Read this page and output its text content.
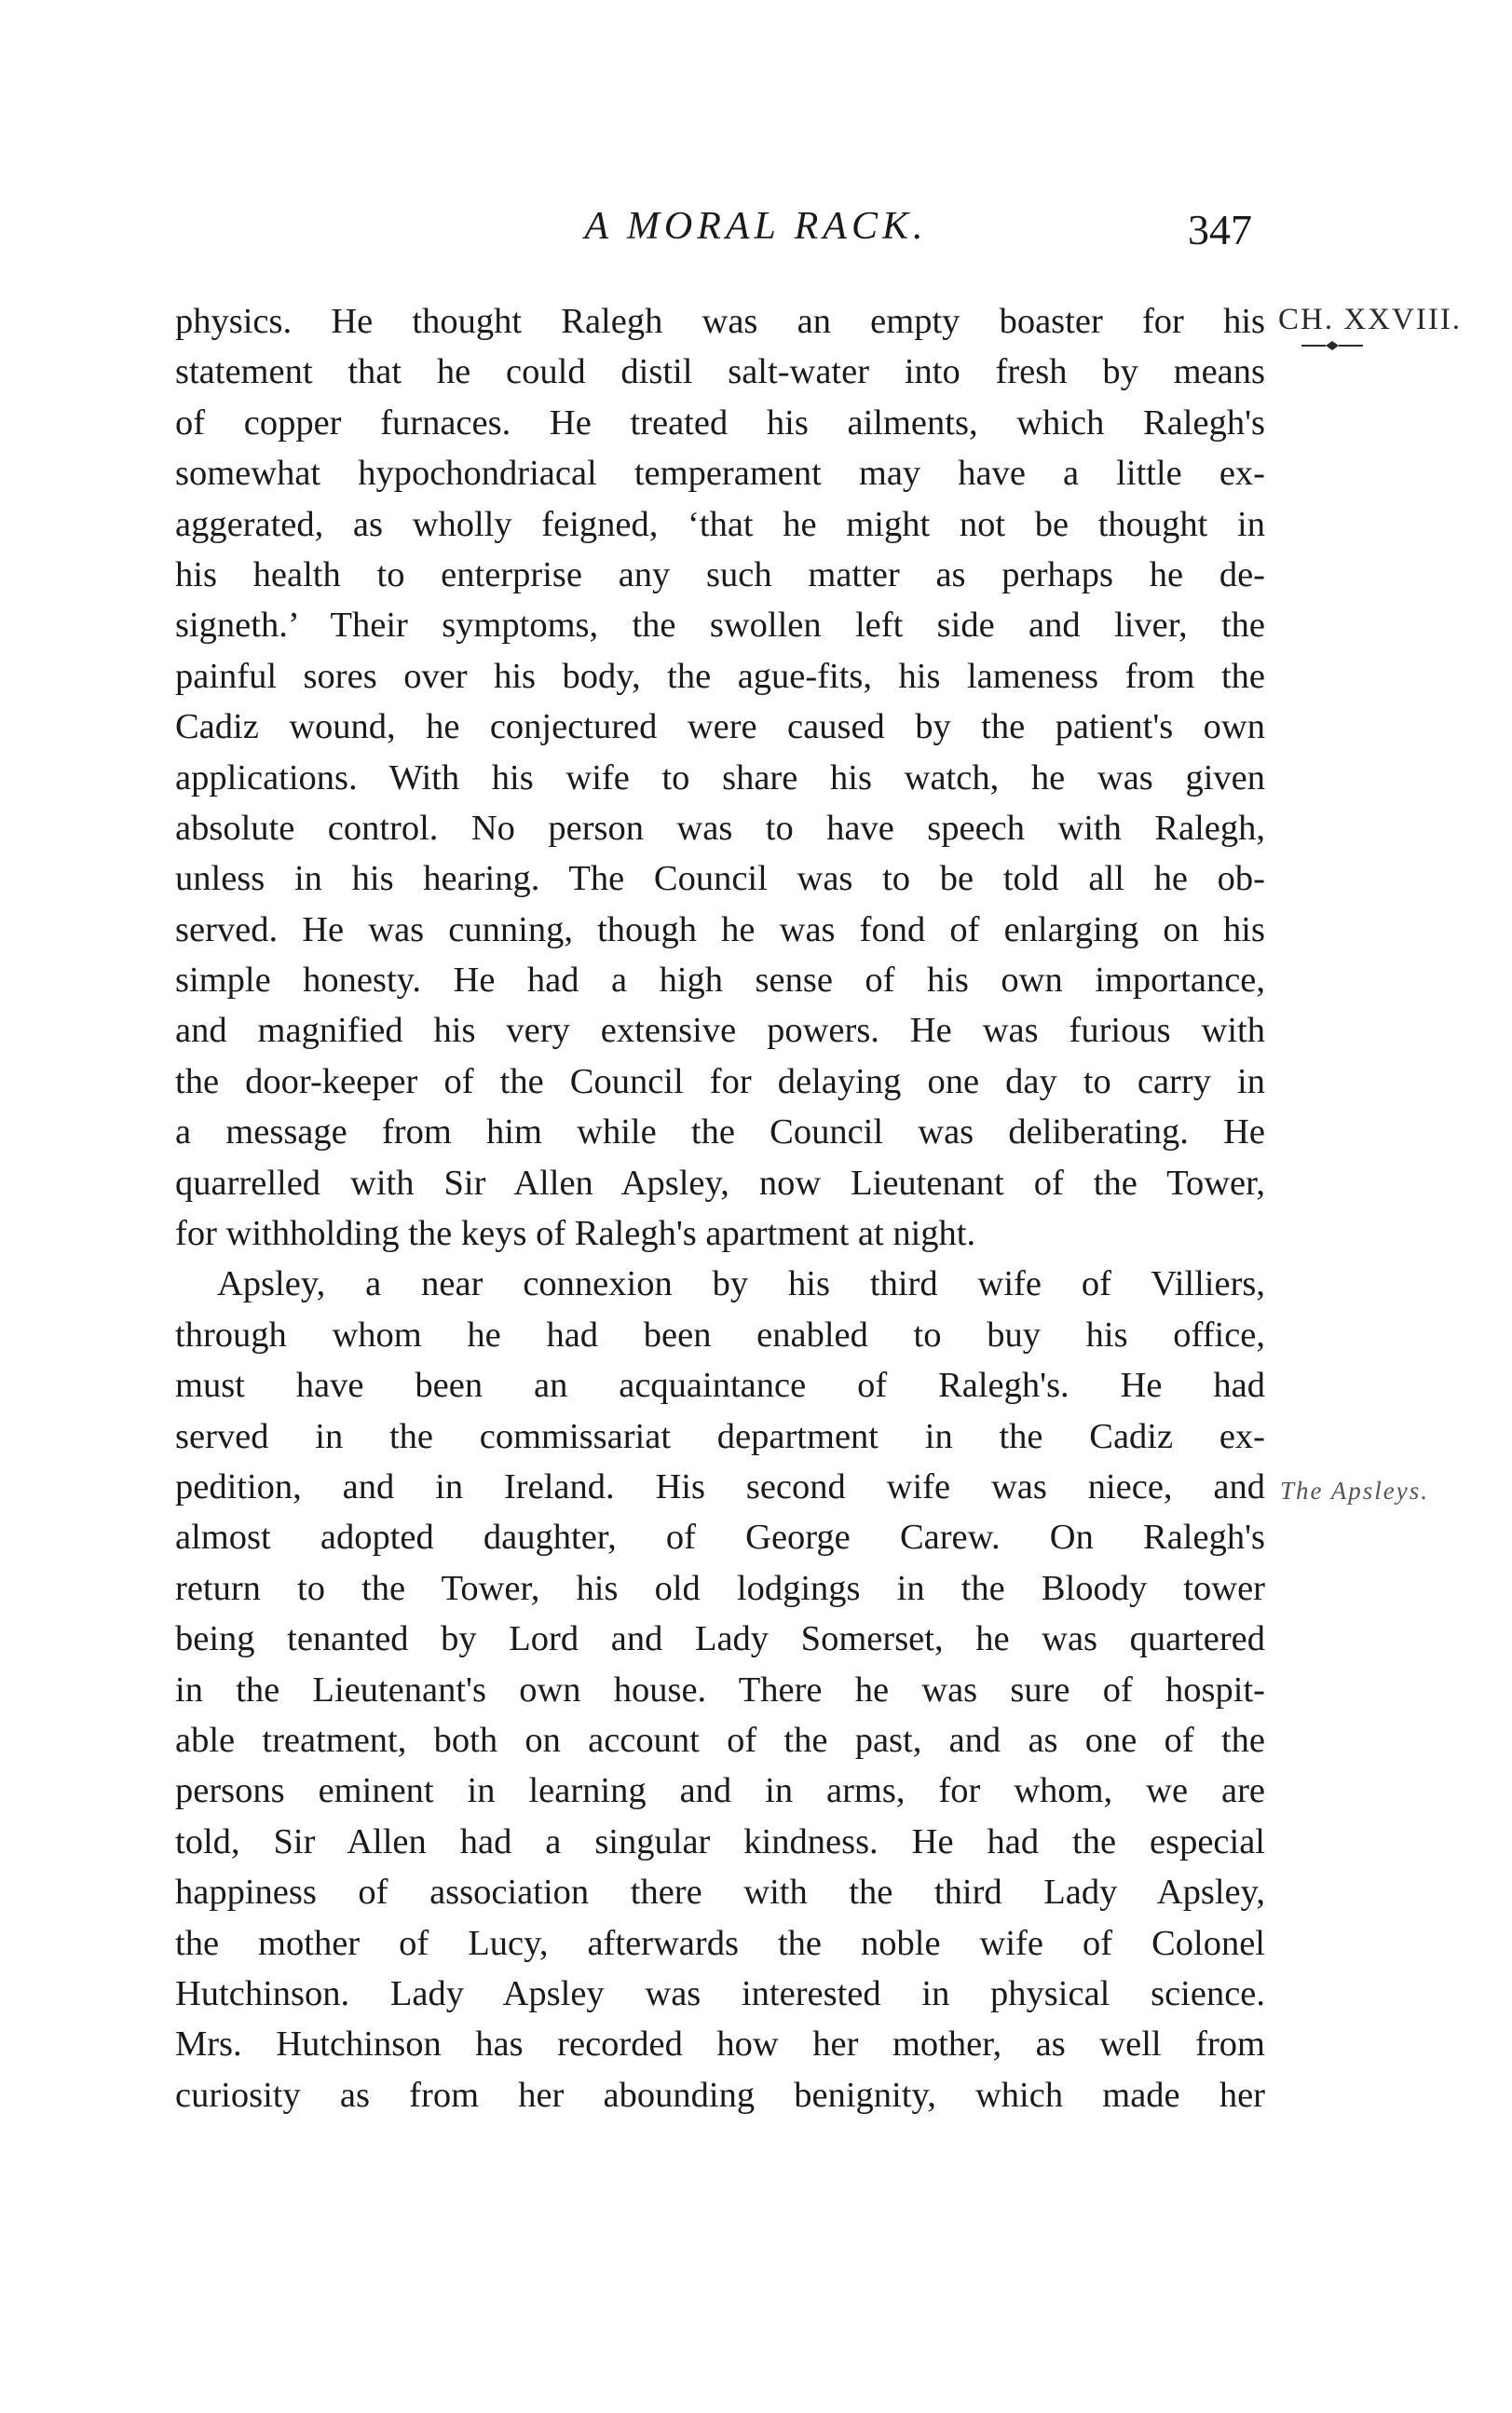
A MORAL RACK.	347
CH. XXVIII.
The Apsleys.
physics. He thought Ralegh was an empty boaster for his
statement that he could distil salt-water into fresh by means
of copper furnaces. He treated his ailments, which Ralegh's
somewhat hypochondriacal temperament may have a little ex-
aggerated, as wholly feigned, ‘that he might not be thought in
his health to enterprise any such matter as perhaps he de-
signeth.’ Their symptoms, the swollen left side and liver, the
painful sores over his body, the ague-fits, his lameness from the
Cadiz wound, he conjectured were caused by the patient's own
applications. With his wife to share his watch, he was given
absolute control. No person was to have speech with Ralegh,
unless in his hearing. The Council was to be told all he ob-
served. He was cunning, though he was fond of enlarging on his
simple honesty. He had a high sense of his own importance,
and magnified his very extensive powers. He was furious with
the door-keeper of the Council for delaying one day to carry in
a message from him while the Council was deliberating. He
quarrelled with Sir Allen Apsley, now Lieutenant of the Tower,
for withholding the keys of Ralegh's apartment at night.
Apsley, a near connexion by his third wife of Villiers,
through whom he had been enabled to buy his office,
must have been an acquaintance of Ralegh's. He had
served in the commissariat department in the Cadiz ex-
pedition, and in Ireland. His second wife was niece, and
almost adopted daughter, of George Carew. On Ralegh's
return to the Tower, his old lodgings in the Bloody tower
being tenanted by Lord and Lady Somerset, he was quartered
in the Lieutenant's own house. There he was sure of hospit-
able treatment, both on account of the past, and as one of the
persons eminent in learning and in arms, for whom, we are
told, Sir Allen had a singular kindness. He had the especial
happiness of association there with the third Lady Apsley,
the mother of Lucy, afterwards the noble wife of Colonel
Hutchinson. Lady Apsley was interested in physical science.
Mrs. Hutchinson has recorded how her mother, as well from
curiosity as from her abounding benignity, which made her
